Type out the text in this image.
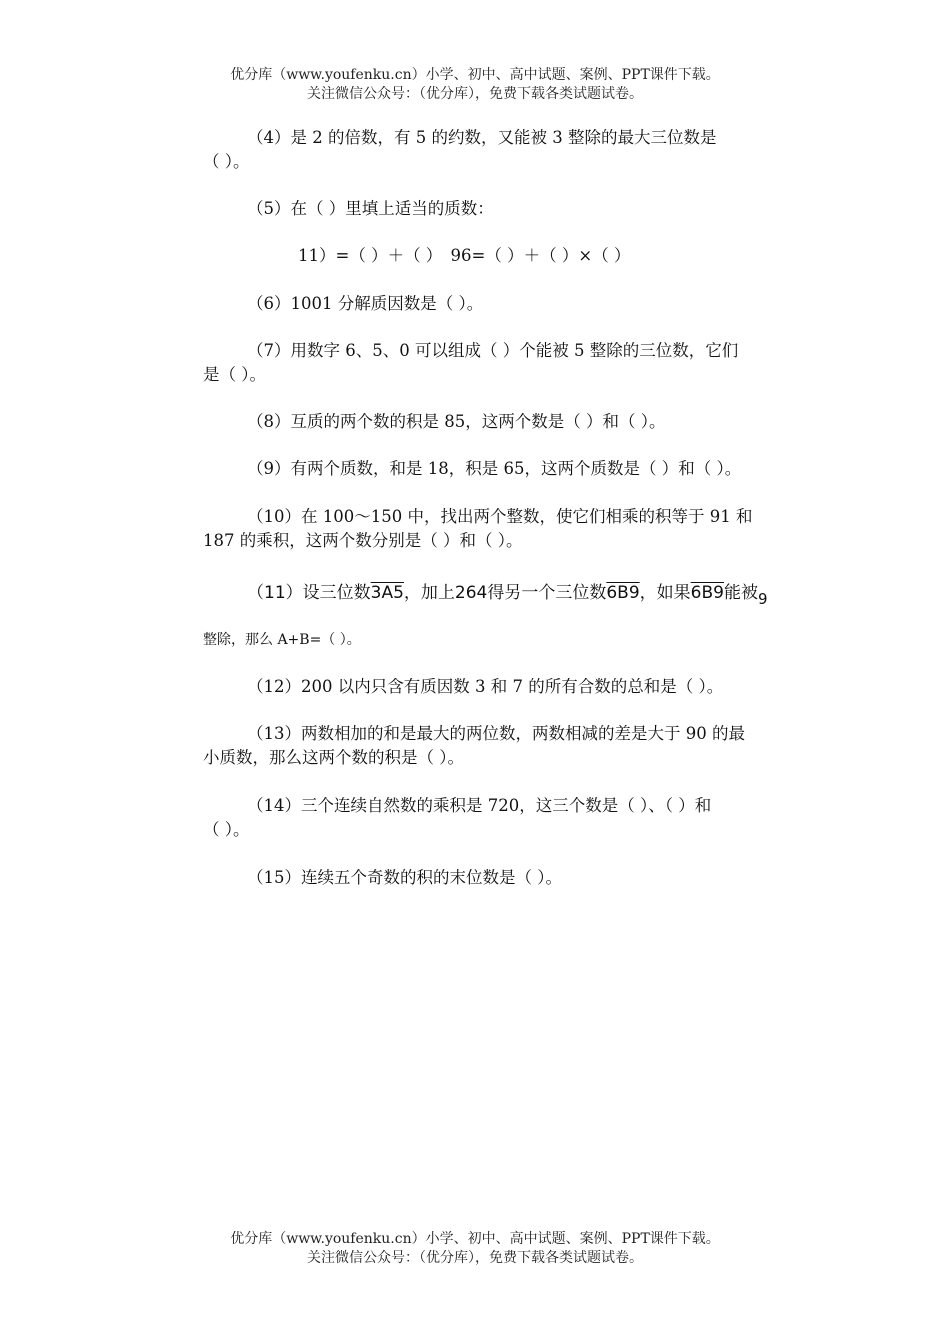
优分库（www.youfenku.cn）小学、初中、高中试题、案例、PPT课件下载。
关注微信公众号：（优分库），免费下载各类试题试卷。
（4）是 2 的倍数，有 5 的约数，又能被 3 整除的最大三位数是
（ ）。
（5）在（ ）里填上适当的质数：
11）=（ ）＋（ ）　96=（ ）＋（ ）×（ ）
（6）1001 分解质因数是（ ）。
（7）用数字 6、5、0 可以组成（ ）个能被 5 整除的三位数，它们
是（ ）。
（8）互质的两个数的积是 85，这两个数是（ ）和（ ）。
（9）有两个质数，和是 18，积是 65，这两个质数是（ ）和（ ）。
（10）在 100～150 中，找出两个整数，使它们相乘的积等于 91 和
187 的乘积，这两个数分别是（ ）和（ ）。
（11）设三位数3A5，加上264得另一个三位数6B9，如果6B9能被9
整除，那么 A+B=（ ）。
（12）200 以内只含有质因数 3 和 7 的所有合数的总和是（ ）。
（13）两数相加的和是最大的两位数，两数相减的差是大于 90 的最
小质数，那么这两个数的积是（ ）。
（14）三个连续自然数的乘积是 720，这三个数是（ ）、（ ）和
（ ）。
（15）连续五个奇数的积的末位数是（ ）。
优分库（www.youfenku.cn）小学、初中、高中试题、案例、PPT课件下载。
关注微信公众号：（优分库），免费下载各类试题试卷。
